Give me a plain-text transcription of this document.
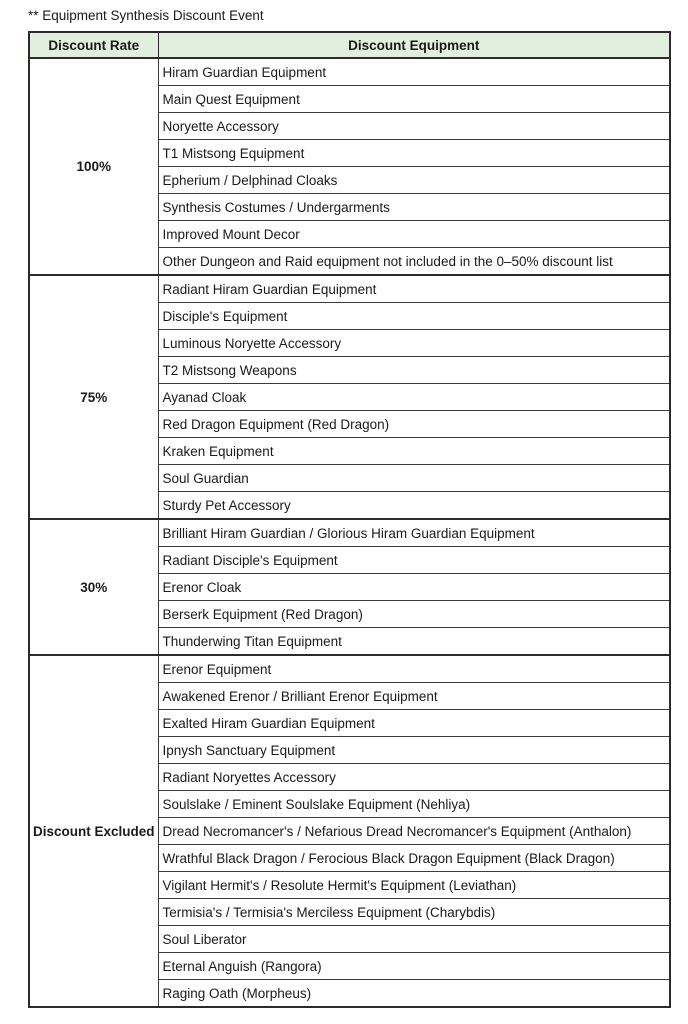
** Equipment Synthesis Discount Event
Discount Rate	Discount Equipment
100%	Hiram Guardian Equipment
	Main Quest Equipment
	Noryette Accessory
	T1 Mistsong Equipment
	Epherium / Delphinad Cloaks
	Synthesis Costumes / Undergarments
	Improved Mount Decor
	Other Dungeon and Raid equipment not included in the 0–50% discount list
75%	Radiant Hiram Guardian Equipment
	Disciple's Equipment
	Luminous Noryette Accessory
	T2 Mistsong Weapons
	Ayanad Cloak
	Red Dragon Equipment (Red Dragon)
	Kraken Equipment
	Soul Guardian
	Sturdy Pet Accessory
30%	Brilliant Hiram Guardian / Glorious Hiram Guardian Equipment
	Radiant Disciple's Equipment
	Erenor Cloak
	Berserk Equipment (Red Dragon)
	Thunderwing Titan Equipment
Discount Excluded	Erenor Equipment
	Awakened Erenor / Brilliant Erenor Equipment
	Exalted Hiram Guardian Equipment
	Ipnysh Sanctuary Equipment
	Radiant Noryettes Accessory
	Soulslake / Eminent Soulslake Equipment (Nehliya)
	Dread Necromancer's / Nefarious Dread Necromancer's Equipment (Anthalon)
	Wrathful Black Dragon / Ferocious Black Dragon Equipment (Black Dragon)
	Vigilant Hermit's / Resolute Hermit's Equipment (Leviathan)
	Termisia's / Termisia's Merciless Equipment (Charybdis)
	Soul Liberator
	Eternal Anguish (Rangora)
	Raging Oath (Morpheus)
